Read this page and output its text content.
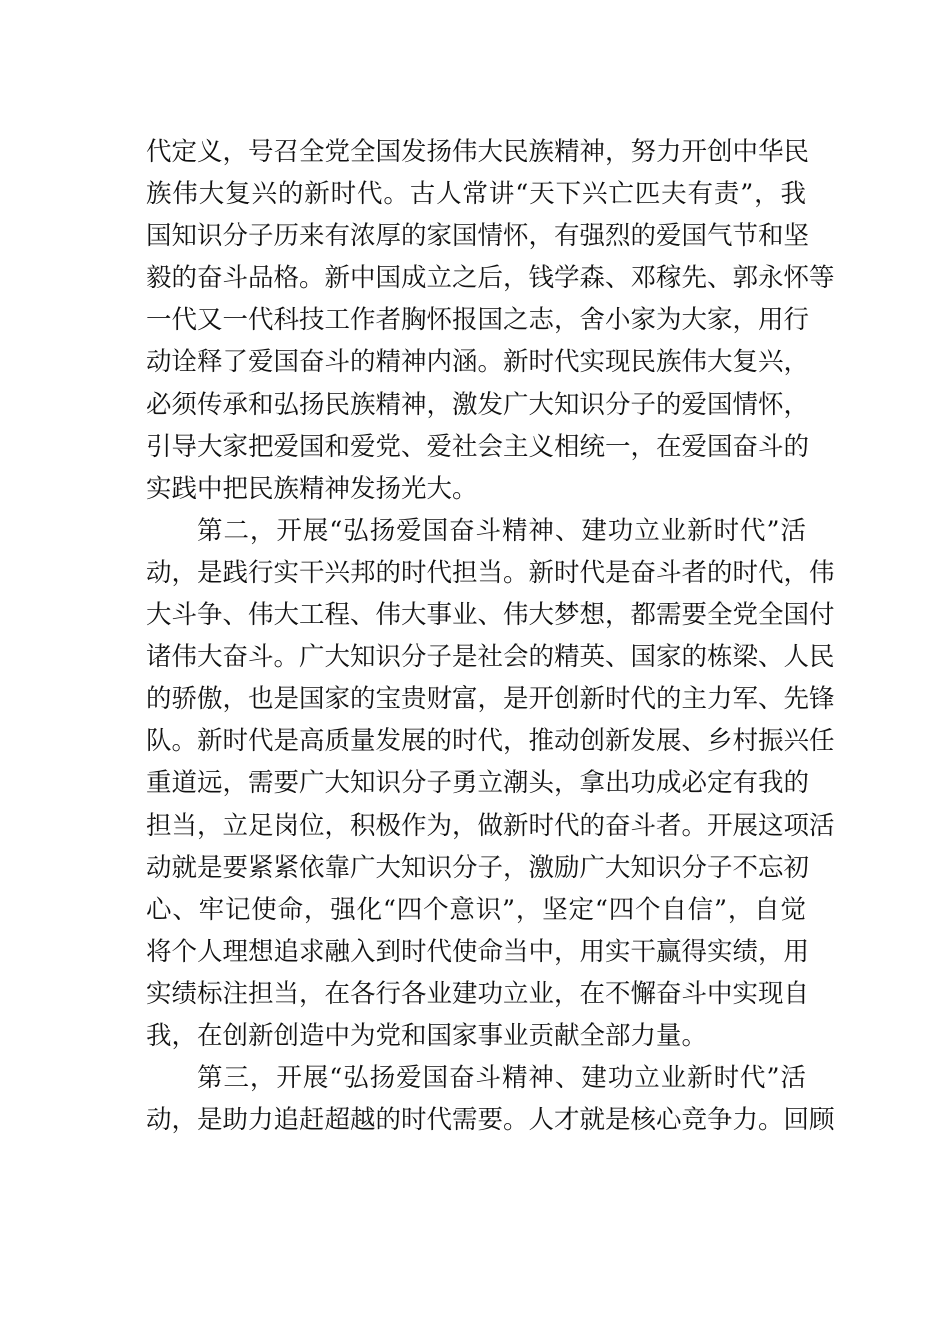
代定义，号召全党全国发扬伟大民族精神，努力开创中华民
族伟大复兴的新时代。古人常讲“天下兴亡匹夫有责”，我
国知识分子历来有浓厚的家国情怀，有强烈的爱国气节和坚
毅的奋斗品格。新中国成立之后，钱学森、邓稼先、郭永怀等
一代又一代科技工作者胸怀报国之志，舍小家为大家，用行
动诠释了爱国奋斗的精神内涵。新时代实现民族伟大复兴，
必须传承和弘扬民族精神，激发广大知识分子的爱国情怀，
引导大家把爱国和爱党、爱社会主义相统一，在爱国奋斗的
实践中把民族精神发扬光大。
第二，开展“弘扬爱国奋斗精神、建功立业新时代”活
动，是践行实干兴邦的时代担当。新时代是奋斗者的时代，伟
大斗争、伟大工程、伟大事业、伟大梦想，都需要全党全国付
诸伟大奋斗。广大知识分子是社会的精英、国家的栋梁、人民
的骄傲，也是国家的宝贵财富，是开创新时代的主力军、先锋
队。新时代是高质量发展的时代，推动创新发展、乡村振兴任
重道远，需要广大知识分子勇立潮头，拿出功成必定有我的
担当，立足岗位，积极作为，做新时代的奋斗者。开展这项活
动就是要紧紧依靠广大知识分子，激励广大知识分子不忘初
心、牢记使命，强化“四个意识”，坚定“四个自信”，自觉
将个人理想追求融入到时代使命当中，用实干赢得实绩，用
实绩标注担当，在各行各业建功立业，在不懈奋斗中实现自
我，在创新创造中为党和国家事业贡献全部力量。
第三，开展“弘扬爱国奋斗精神、建功立业新时代”活
动，是助力追赶超越的时代需要。人才就是核心竞争力。回顾
